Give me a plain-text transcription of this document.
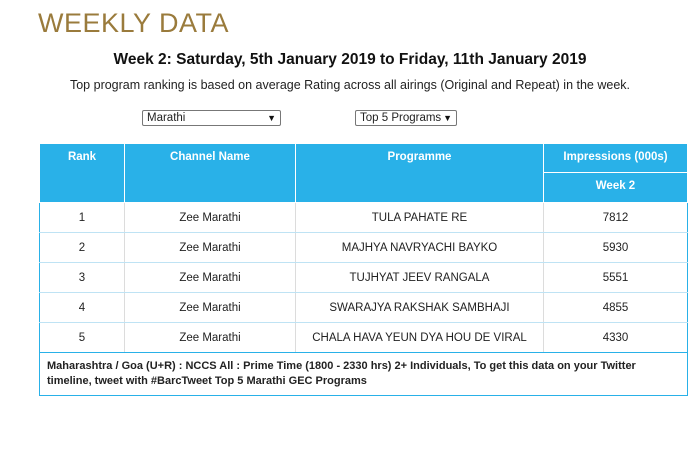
WEEKLY DATA
Week 2: Saturday, 5th January 2019 to Friday, 11th January 2019
Top program ranking is based on average Rating across all airings (Original and Repeat) in the week.
Marathi	▼	Top 5 Programs ▼
Rank	Channel Name	Programme	Impressions (000s)
			Week 2
1	Zee Marathi	TULA PAHATE RE	7812
2	Zee Marathi	MAJHYA NAVRYACHI BAYKO	5930
3	Zee Marathi	TUJHYAT JEEV RANGALA	5551
4	Zee Marathi	SWARAJYA RAKSHAK SAMBHAJI	4855
5	Zee Marathi	CHALA HAVA YEUN DYA HOU DE VIRAL	4330
Maharashtra / Goa (U+R) : NCCS All : Prime Time (1800 - 2330 hrs) 2+ Individuals, To get this data on your Twitter timeline, tweet with #BarcTweet Top 5 Marathi GEC Programs			
